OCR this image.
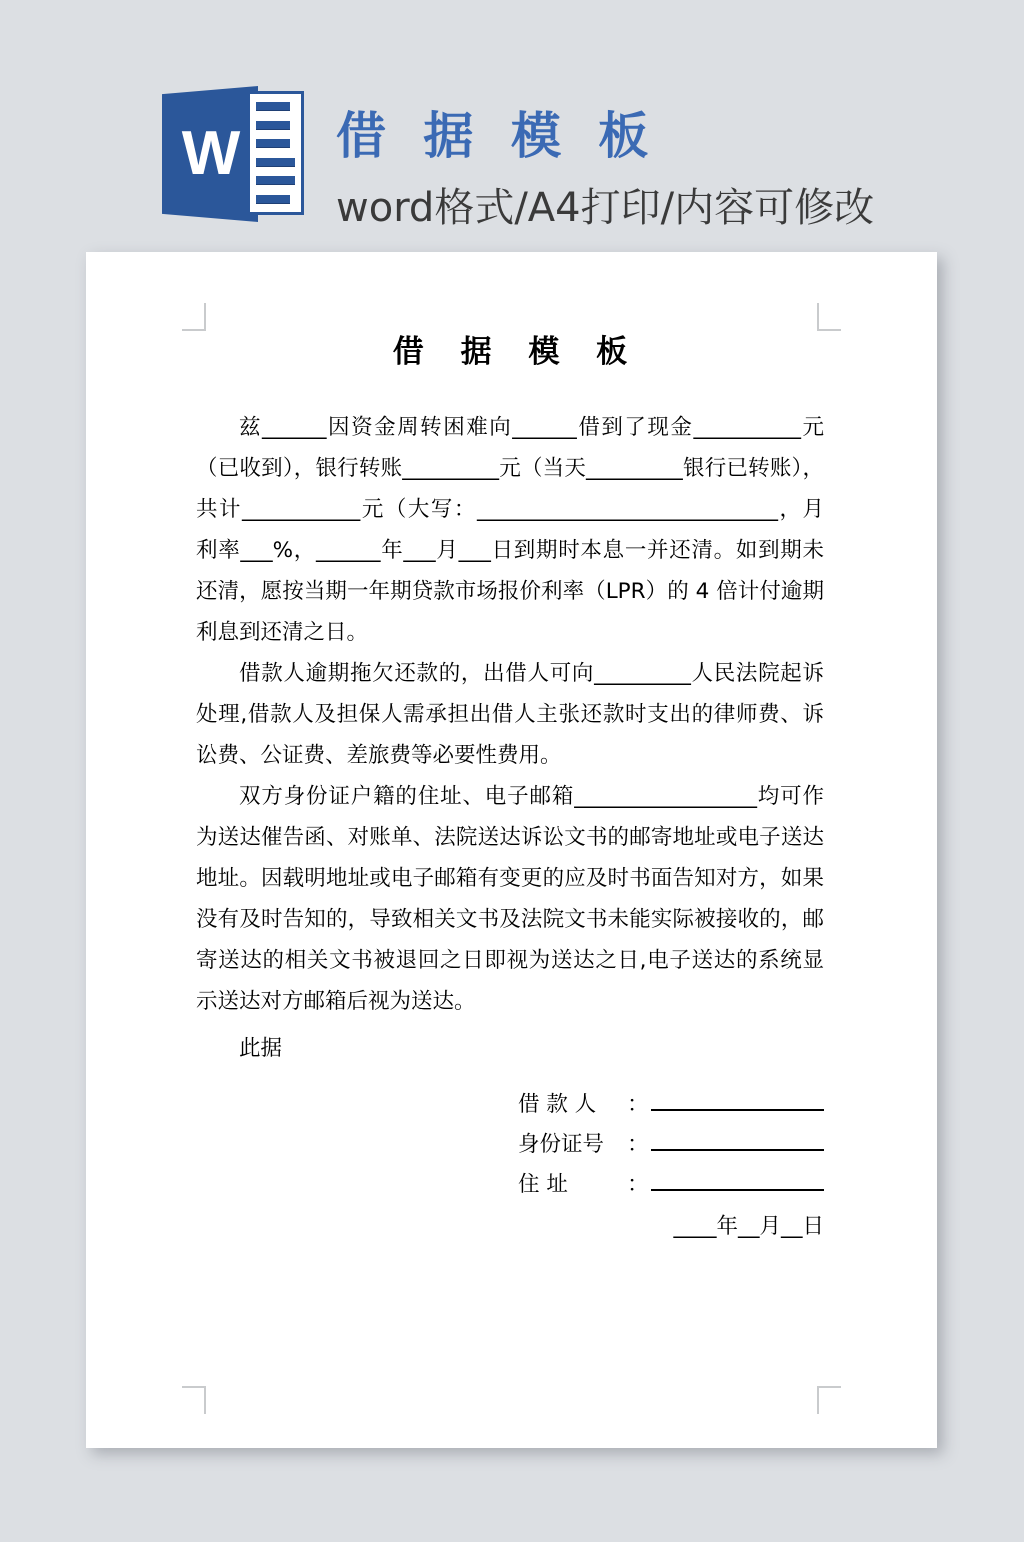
W	借 据 模 板
word格式/A4打印/内容可修改
借 据 模 板

兹______因资金周转困难向______借到了现金__________元（已收到），银行转账_________元（当天_________银行已转账），共计___________元（大写：____________________________，月利率___%，______年___月___日到期时本息一并还清。如到期未还清，愿按当期一年期贷款市场报价利率（LPR）的 4 倍计付逾期利息到还清之日。

借款人逾期拖欠还款的，出借人可向_________人民法院起诉处理,借款人及担保人需承担出借人主张还款时支出的律师费、诉讼费、公证费、差旅费等必要性费用。

双方身份证户籍的住址、电子邮箱_________________均可作为送达催告函、对账单、法院送达诉讼文书的邮寄地址或电子送达地址。因载明地址或电子邮箱有变更的应及时书面告知对方，如果没有及时告知的，导致相关文书及法院文书未能实际被接收的，邮寄送达的相关文书被退回之日即视为送达之日,电子送达的系统显示送达对方邮箱后视为送达。

此据
借 款 人	：
身份证号	：
住 址	：
____年__月__日
